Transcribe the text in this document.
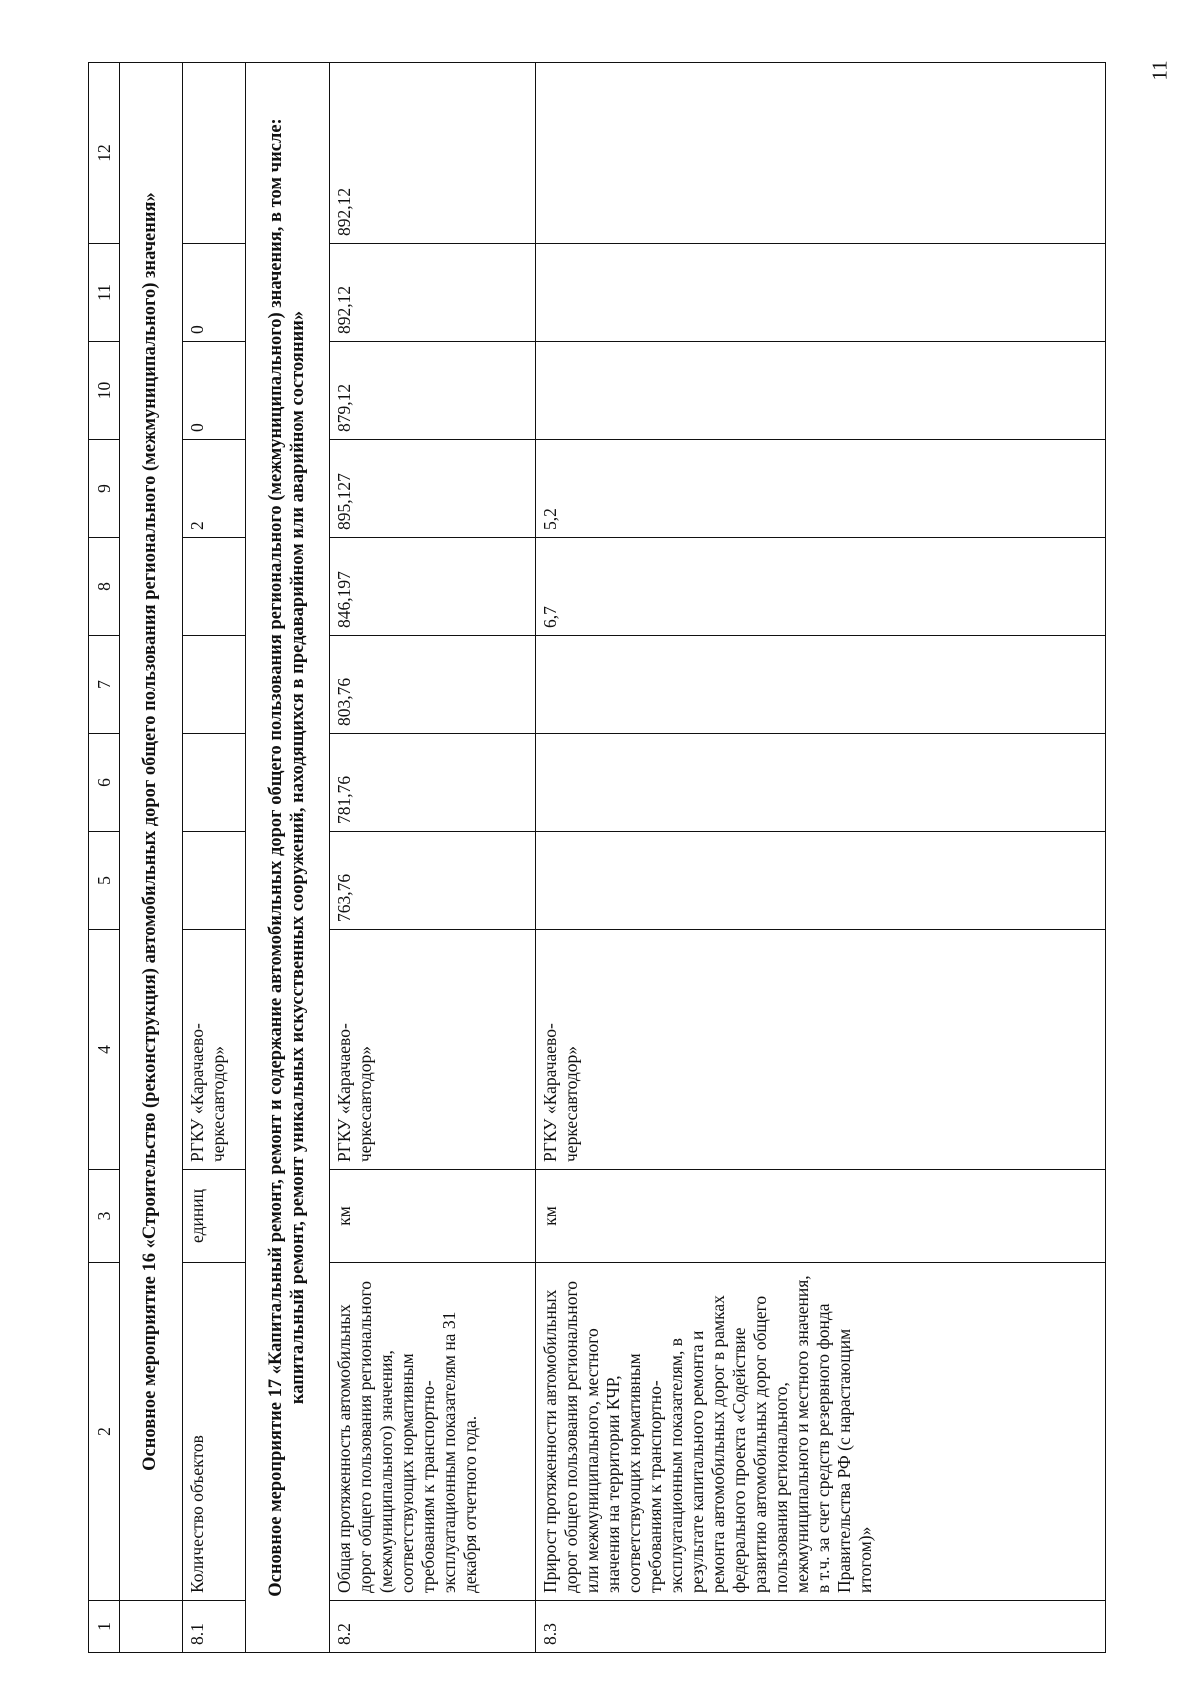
11
1	2	3	4	5	6	7	8	9	10	11	12
	Основное мероприятие 16 «Строительство (реконструкция) автомобильных дорог общего пользования регионального (межмуниципального) значения»										
8.1	Количество объектов	единиц	РГКУ «Карачаево-черкесавтодор»					2	0	0	
Основное мероприятие 17 «Капитальный ремонт, ремонт и содержание автомобильных дорог общего пользования регионального (межмуниципального) значения, в том числе: капитальный ремонт, ремонт уникальных искусственных сооружений, находящихся в предаварийном или аварийном состоянии»											
8.2	Общая протяженность автомобильных дорог общего пользования регионального (межмуниципального) значения, соответствующих нормативным требованиям к транспортно-эксплуатационным показателям на 31 декабря отчетного года.	км	РГКУ «Карачаево-черкесавтодор»	763,76	781,76	803,76	846,197	895,127	879,12	892,12	892,12
8.3	Прирост протяженности автомобильных дорог общего пользования регионального или межмуниципального, местного значения на территории КЧР, соответствующих нормативным требованиям к транспортно-эксплуатационным показателям, в результате капитального ремонта и ремонта автомобильных дорог в рамках федерального проекта «Содействие развитию автомобильных дорог общего пользования регионального, межмуниципального и местного значения, в т.ч. за счет средств резервного фонда Правительства РФ (с нарастающим итогом)»	км	РГКУ «Карачаево-черкесавтодор»				6,7	5,2			
